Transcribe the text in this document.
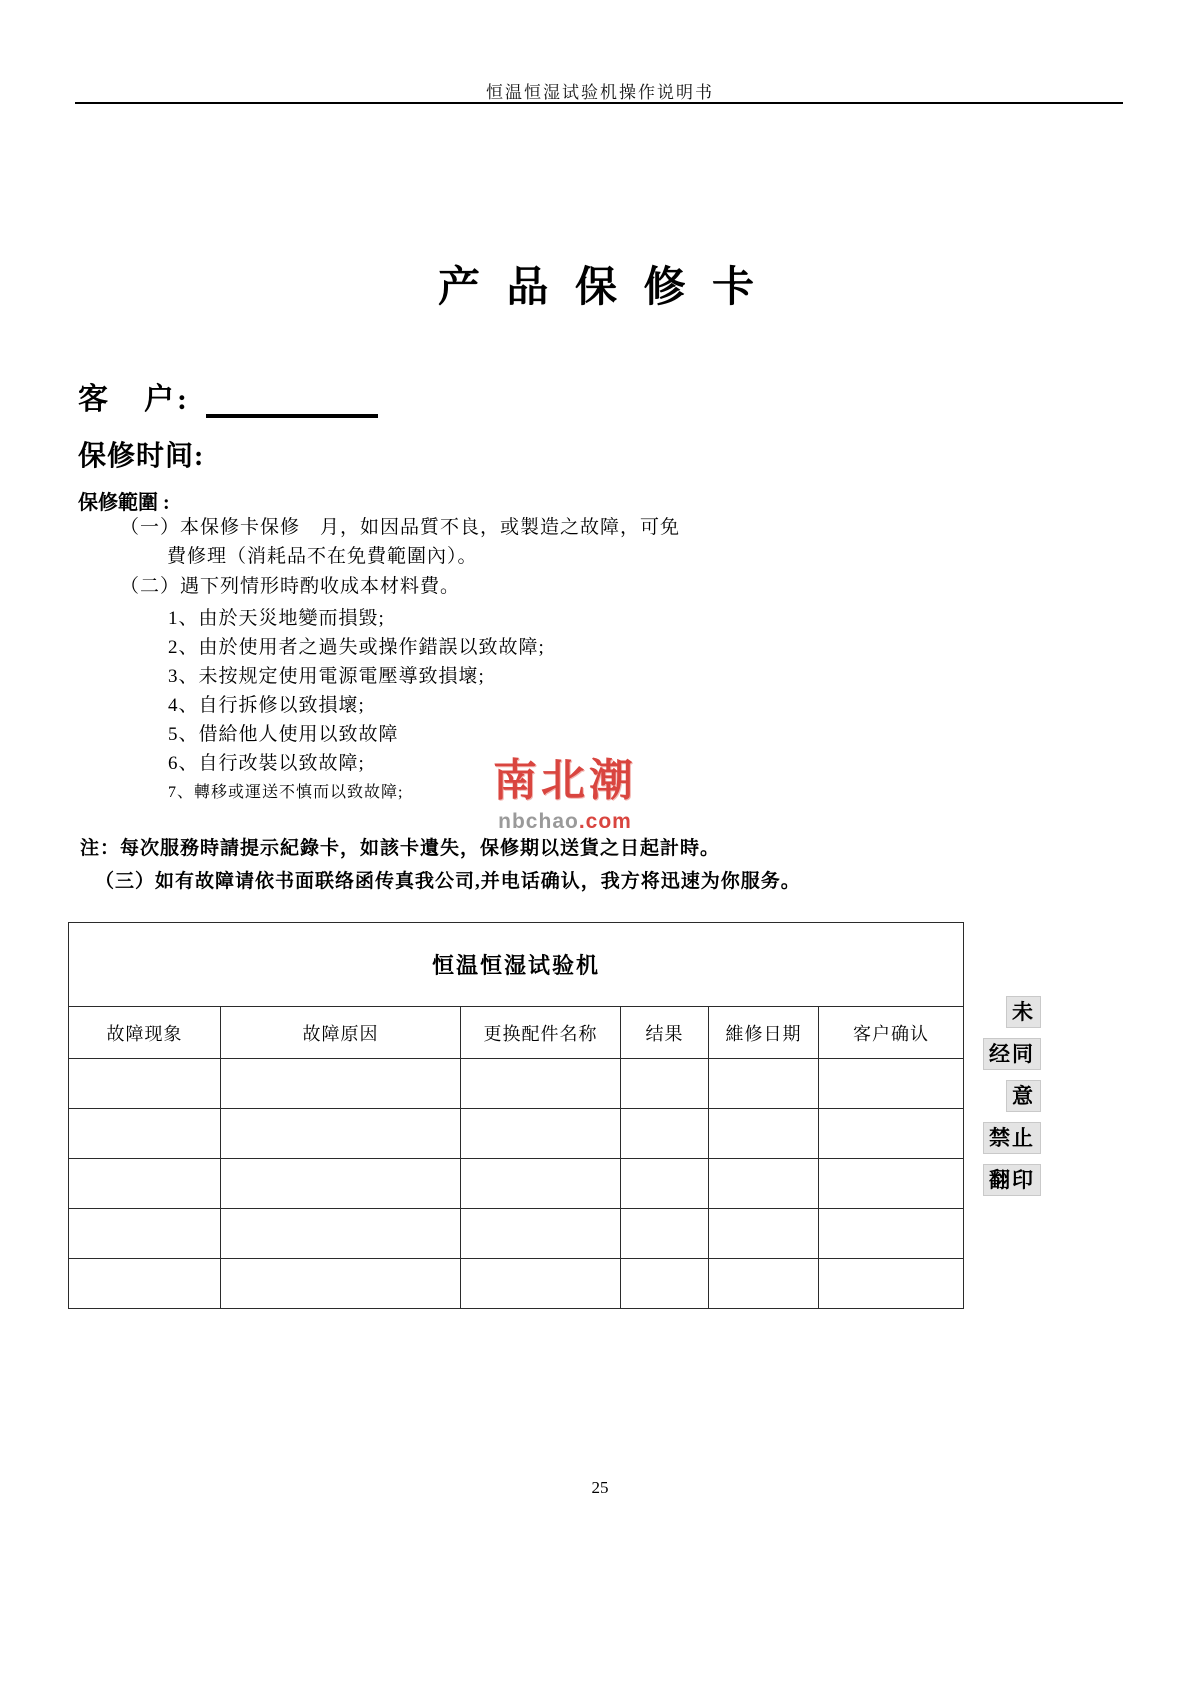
恒温恒湿试验机操作说明书
产 品 保 修 卡
客　户:
保修时间:
保修範圍 :
（一）本保修卡保修　月，如因品質不良，或製造之故障，可免
費修理（消耗品不在免費範圍內）。
（二）遇下列情形時酌收成本材料費。
1、由於天災地變而損毀;
2、由於使用者之過失或操作錯誤以致故障;
3、未按规定使用電源電壓導致損壞;
4、自行拆修以致損壞;
5、借給他人使用以致故障
6、自行改裝以致故障;
7、轉移或運送不慎而以致故障;	南北潮
nbchao.com
注：每次服務時請提示紀錄卡，如該卡遺失，保修期以送貨之日起計時。
（三）如有故障请依书面联络函传真我公司,并电话确认，我方将迅速为你服务。
恒温恒湿试验机					
故障现象	故障原因	更换配件名称	结果	維修日期	客户确认

未
经同
意
禁止
翻印
25
